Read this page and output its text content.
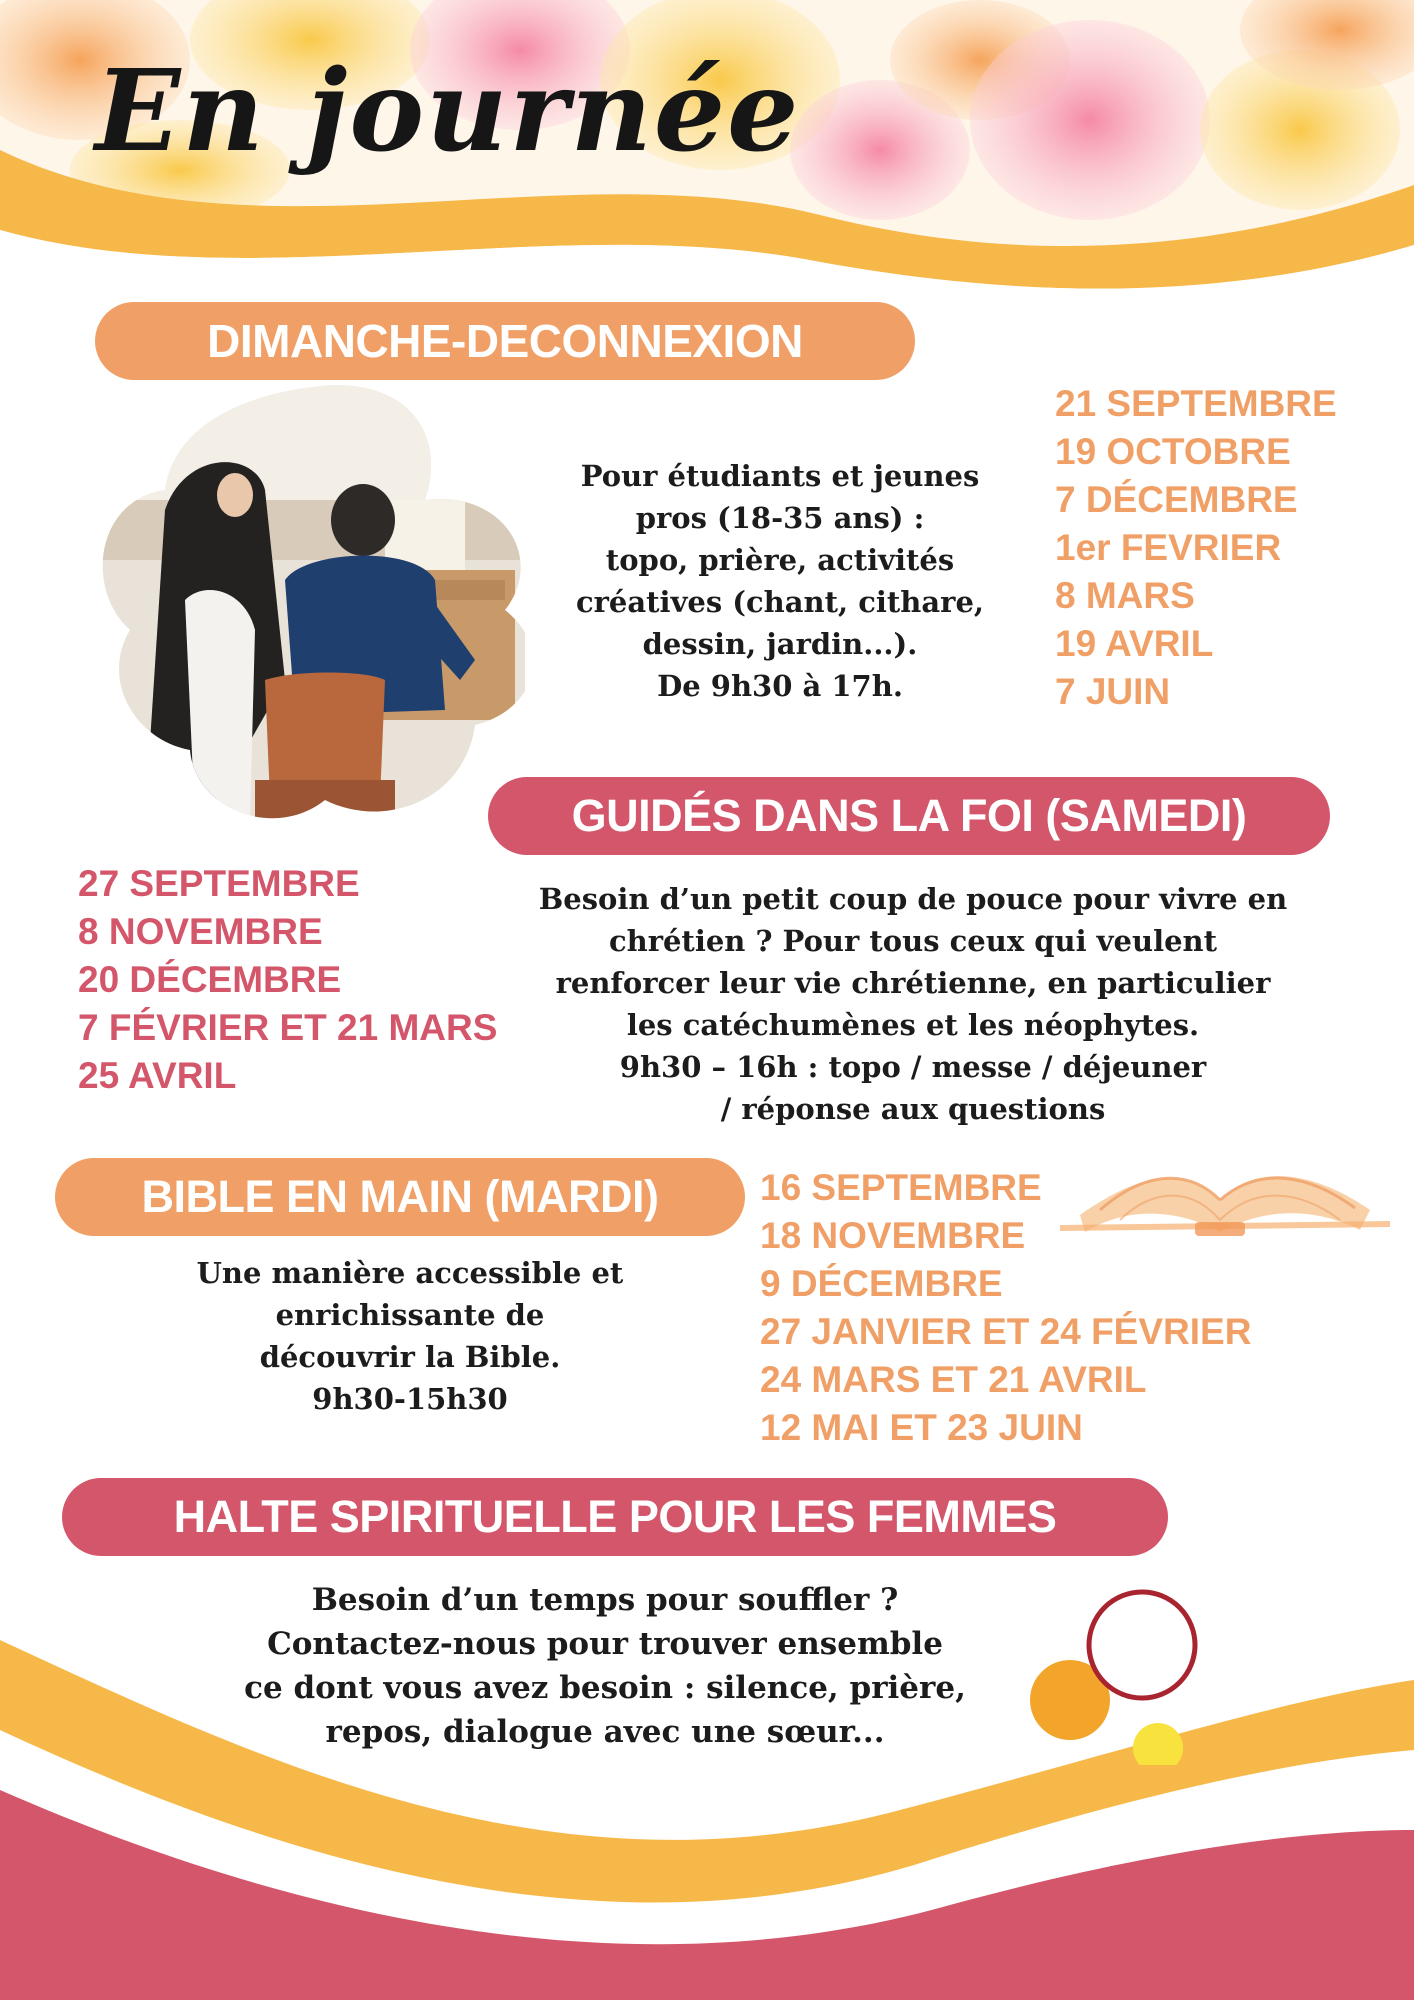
En journée
DIMANCHE-DECONNEXION

Pour étudiants et jeunes

pros (18-35 ans) :

topo, prière, activités

créatives (chant, cithare,

dessin, jardin...).

De 9h30 à 17h.

21 SEPTEMBRE
19 OCTOBRE
7 DÉCEMBRE
1er FEVRIER
8 MARS
19 AVRIL
7 JUIN
GUIDÉS DANS LA FOI (SAMEDI)
27 SEPTEMBRE
8 NOVEMBRE
20 DÉCEMBRE
7 FÉVRIER ET 21 MARS
25 AVRIL

Besoin d’un petit coup de pouce pour vivre en

chrétien ? Pour tous ceux qui veulent

renforcer leur vie chrétienne, en particulier

les catéchumènes et les néophytes.

9h30 – 16h : topo / messe / déjeuner

/ réponse aux questions

BIBLE EN MAIN (MARDI)

Une manière accessible et

enrichissante de

découvrir la Bible.

9h30-15h30

16 SEPTEMBRE
18 NOVEMBRE
9 DÉCEMBRE
27 JANVIER ET 24 FÉVRIER
24 MARS ET 21 AVRIL
12 MAI ET 23 JUIN
HALTE SPIRITUELLE POUR LES FEMMES

Besoin d’un temps pour souffler ?

Contactez-nous pour trouver ensemble

ce dont vous avez besoin : silence, prière,

repos, dialogue avec une sœur...
